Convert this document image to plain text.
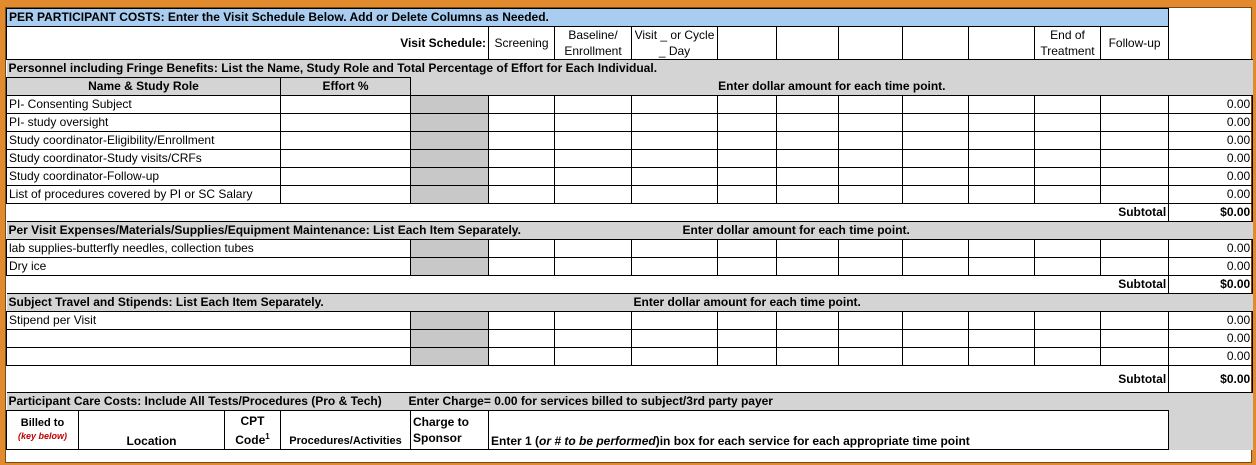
PER PARTICIPANT COSTS: Enter the Visit Schedule Below. Add or Delete Columns as Needed.															
Visit Schedule:					Screening	Baseline/ Enrollment	Visit _ or Cycle _ Day						End of Treatment	Follow-up	
Personnel including Fringe Benefits: List the Name, Study Role and Total Percentage of Effort for Each Individual.															
Name & Study Role			Effort %	Enter dollar amount for each time point.											
PI- Consenting Subject															0.00
PI- study oversight															0.00
Study coordinator-Eligibility/Enrollment															0.00
Study coordinator-Study visits/CRFs															0.00
Study coordinator-Follow-up															0.00
List of procedures covered by PI or SC Salary															0.00
Subtotal															$0.00
Per Visit Expenses/Materials/Supplies/Equipment Maintenance: List Each Item Separately.										Enter dollar amount for each time point.					
lab supplies-butterfly needles, collection tubes															0.00
Dry ice															0.00
Subtotal															$0.00
Subject Travel and Stipends: List Each Item Separately.							Enter dollar amount for each time point.								
Stipend per Visit															0.00
															0.00
															0.00
Subtotal															$0.00
Participant Care Costs: Include All Tests/Procedures (Pro & Tech)						Enter Charge= 0.00 for services billed to subject/3rd party payer									

Billed to
(key below)	Location	CPT Code$^1$	Procedures/Activities	Charge to Sponsor	Enter 1 (or # to be performed)in box for each service for each appropriate time point										
